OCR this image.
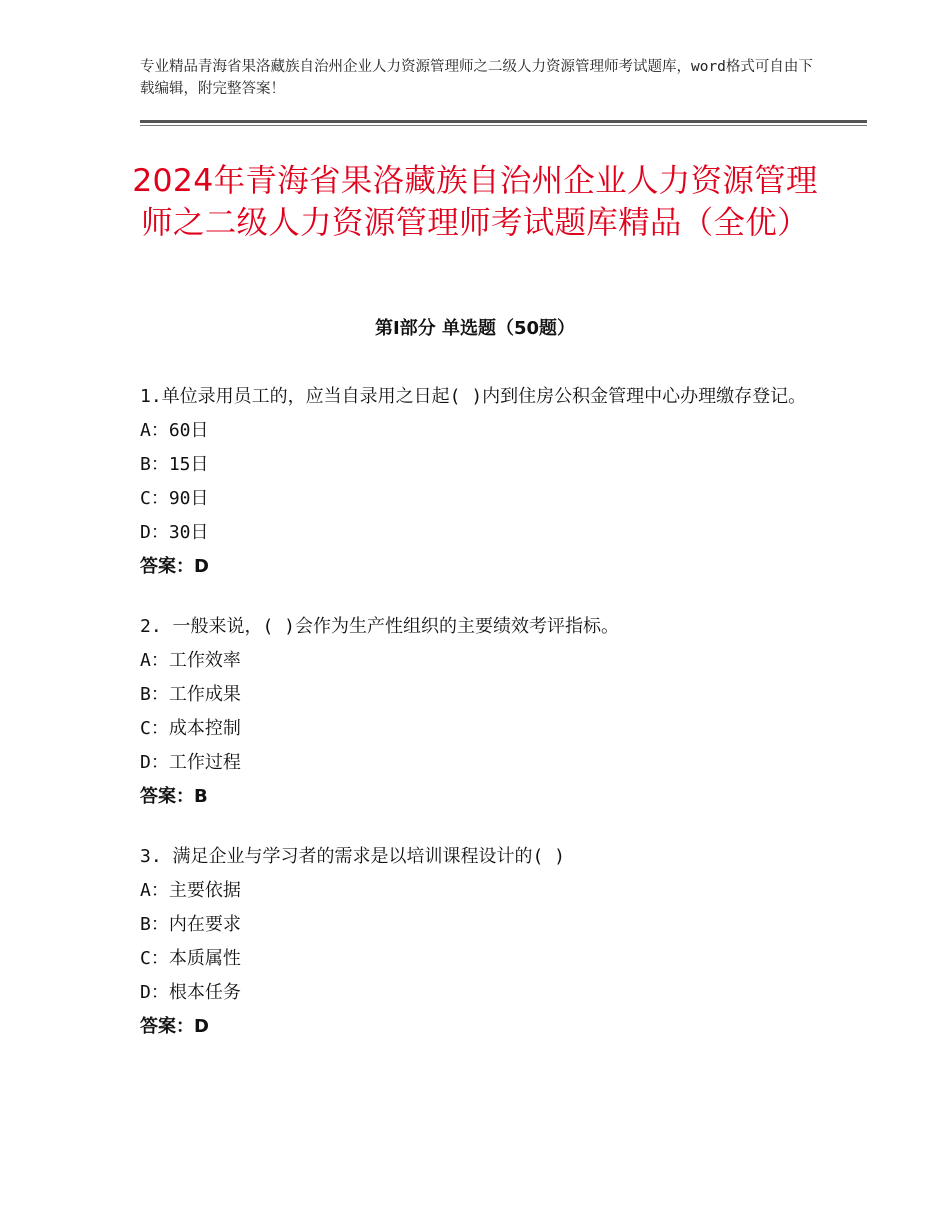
专业精品青海省果洛藏族自治州企业人力资源管理师之二级人力资源管理师考试题库，word格式可自由下载编辑，附完整答案！
2024年青海省果洛藏族自治州企业人力资源管理师之二级人力资源管理师考试题库精品（全优）
第Ⅰ部分 单选题（50题）
1.单位录用员工的，应当自录用之日起( )内到住房公积金管理中心办理缴存登记。
A：60日
B：15日
C：90日
D：30日
答案：D
2. 一般来说，( )会作为生产性组织的主要绩效考评指标。
A：工作效率
B：工作成果
C：成本控制
D：工作过程
答案：B
3. 满足企业与学习者的需求是以培训课程设计的( )
A：主要依据
B：内在要求
C：本质属性
D：根本任务
答案：D
